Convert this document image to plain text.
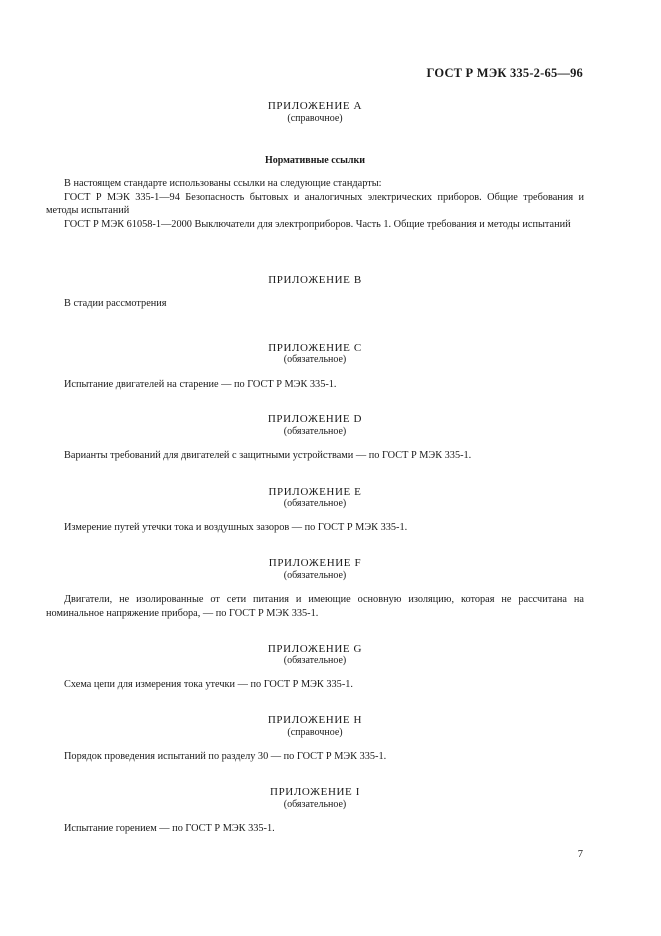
ГОСТ Р МЭК 335-2-65—96
ПРИЛОЖЕНИЕ А
(справочное)
Нормативные ссылки
В настоящем стандарте использованы ссылки на следующие стандарты:
ГОСТ Р МЭК 335-1—94 Безопасность бытовых и аналогичных электрических приборов. Общие требования и методы испытаний
ГОСТ Р МЭК 61058-1—2000 Выключатели для электроприборов. Часть 1. Общие требования и методы испытаний
ПРИЛОЖЕНИЕ В
В стадии рассмотрения
ПРИЛОЖЕНИЕ С
(обязательное)
Испытание двигателей на старение — по ГОСТ Р МЭК 335-1.
ПРИЛОЖЕНИЕ D
(обязательное)
Варианты требований для двигателей с защитными устройствами — по ГОСТ Р МЭК 335-1.
ПРИЛОЖЕНИЕ Е
(обязательное)
Измерение путей утечки тока и воздушных зазоров — по ГОСТ Р МЭК 335-1.
ПРИЛОЖЕНИЕ F
(обязательное)
Двигатели, не изолированные от сети питания и имеющие основную изоляцию, которая не рассчитана на номинальное напряжение прибора, — по ГОСТ Р МЭК 335-1.
ПРИЛОЖЕНИЕ G
(обязательное)
Схема цепи для измерения тока утечки — по ГОСТ Р МЭК 335-1.
ПРИЛОЖЕНИЕ Н
(справочное)
Порядок проведения испытаний по разделу 30 — по ГОСТ Р МЭК 335-1.
ПРИЛОЖЕНИЕ I
(обязательное)
Испытание горением — по ГОСТ Р МЭК 335-1.
7
